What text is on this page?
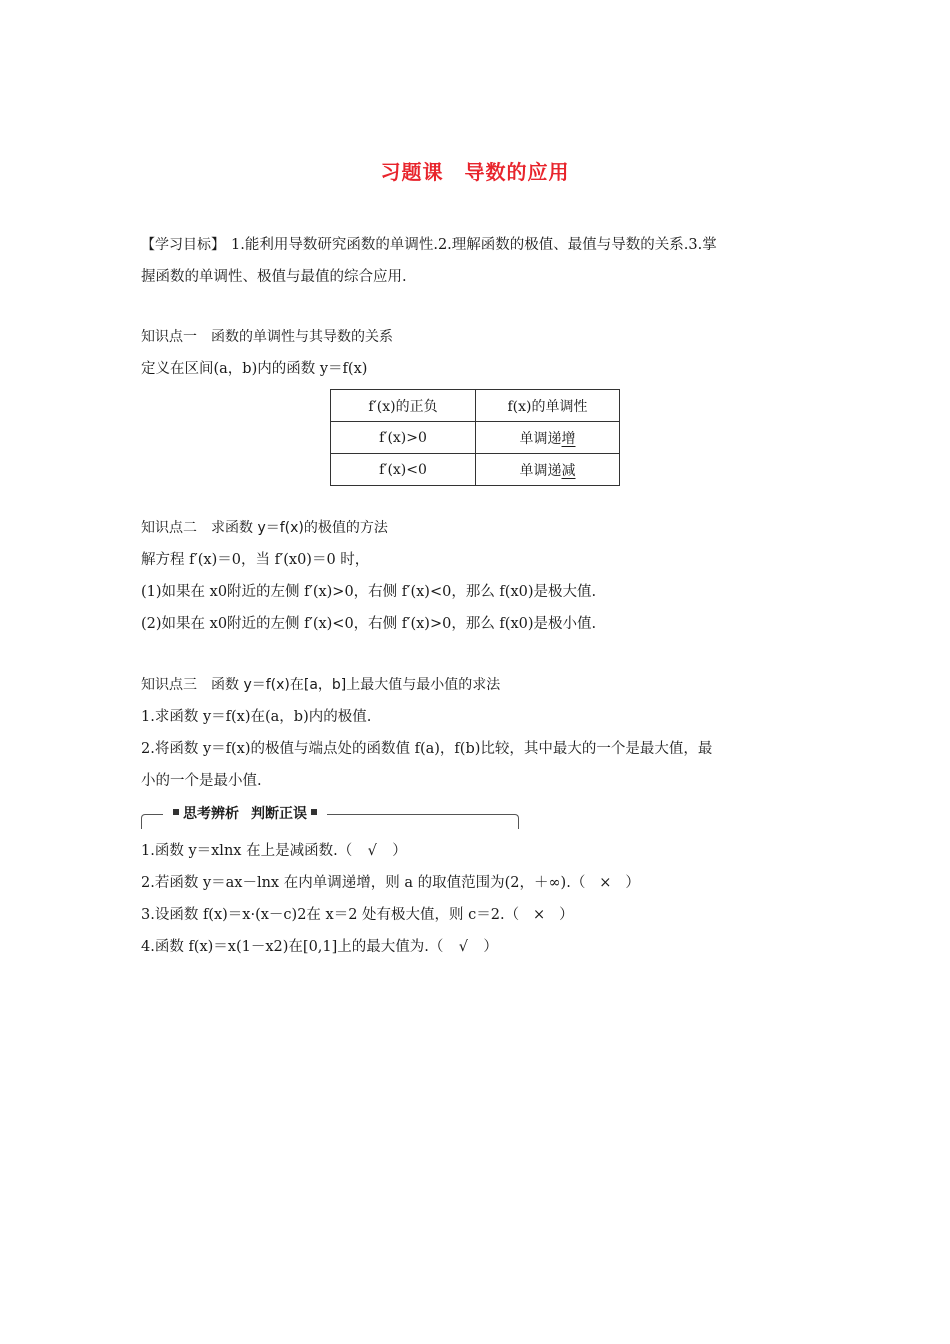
习题课　导数的应用
【学习目标】 1.能利用导数研究函数的单调性.2.理解函数的极值、最值与导数的关系.3.掌
握函数的单调性、极值与最值的综合应用.
知识点一 函数的单调性与其导数的关系
定义在区间(a，b)内的函数 y＝f(x)
f′(x)的正负	f(x)的单调性
f′(x)>0	单调递增
f′(x)<0	单调递减
知识点二 求函数 y＝f(x)的极值的方法
解方程 f′(x)＝0，当 f′(x0)＝0 时，
(1)如果在 x0附近的左侧 f′(x)>0，右侧 f′(x)<0，那么 f(x0)是极大值.
(2)如果在 x0附近的左侧 f′(x)<0，右侧 f′(x)>0，那么 f(x0)是极小值.
知识点三 函数 y＝f(x)在[a，b]上最大值与最小值的求法
1.求函数 y＝f(x)在(a，b)内的极值.
2.将函数 y＝f(x)的极值与端点处的函数值 f(a)，f(b)比较，其中最大的一个是最大值，最
小的一个是最小值.
思考辨析 判断正误
1.函数 y＝xlnx 在上是减函数.（ √ ）
2.若函数 y＝ax－lnx 在内单调递增，则 a 的取值范围为(2，＋∞).（ × ）
3.设函数 f(x)＝x·(x－c)2在 x＝2 处有极大值，则 c＝2.（ × ）
4.函数 f(x)＝x(1－x2)在[0,1]上的最大值为.（ √ ）
